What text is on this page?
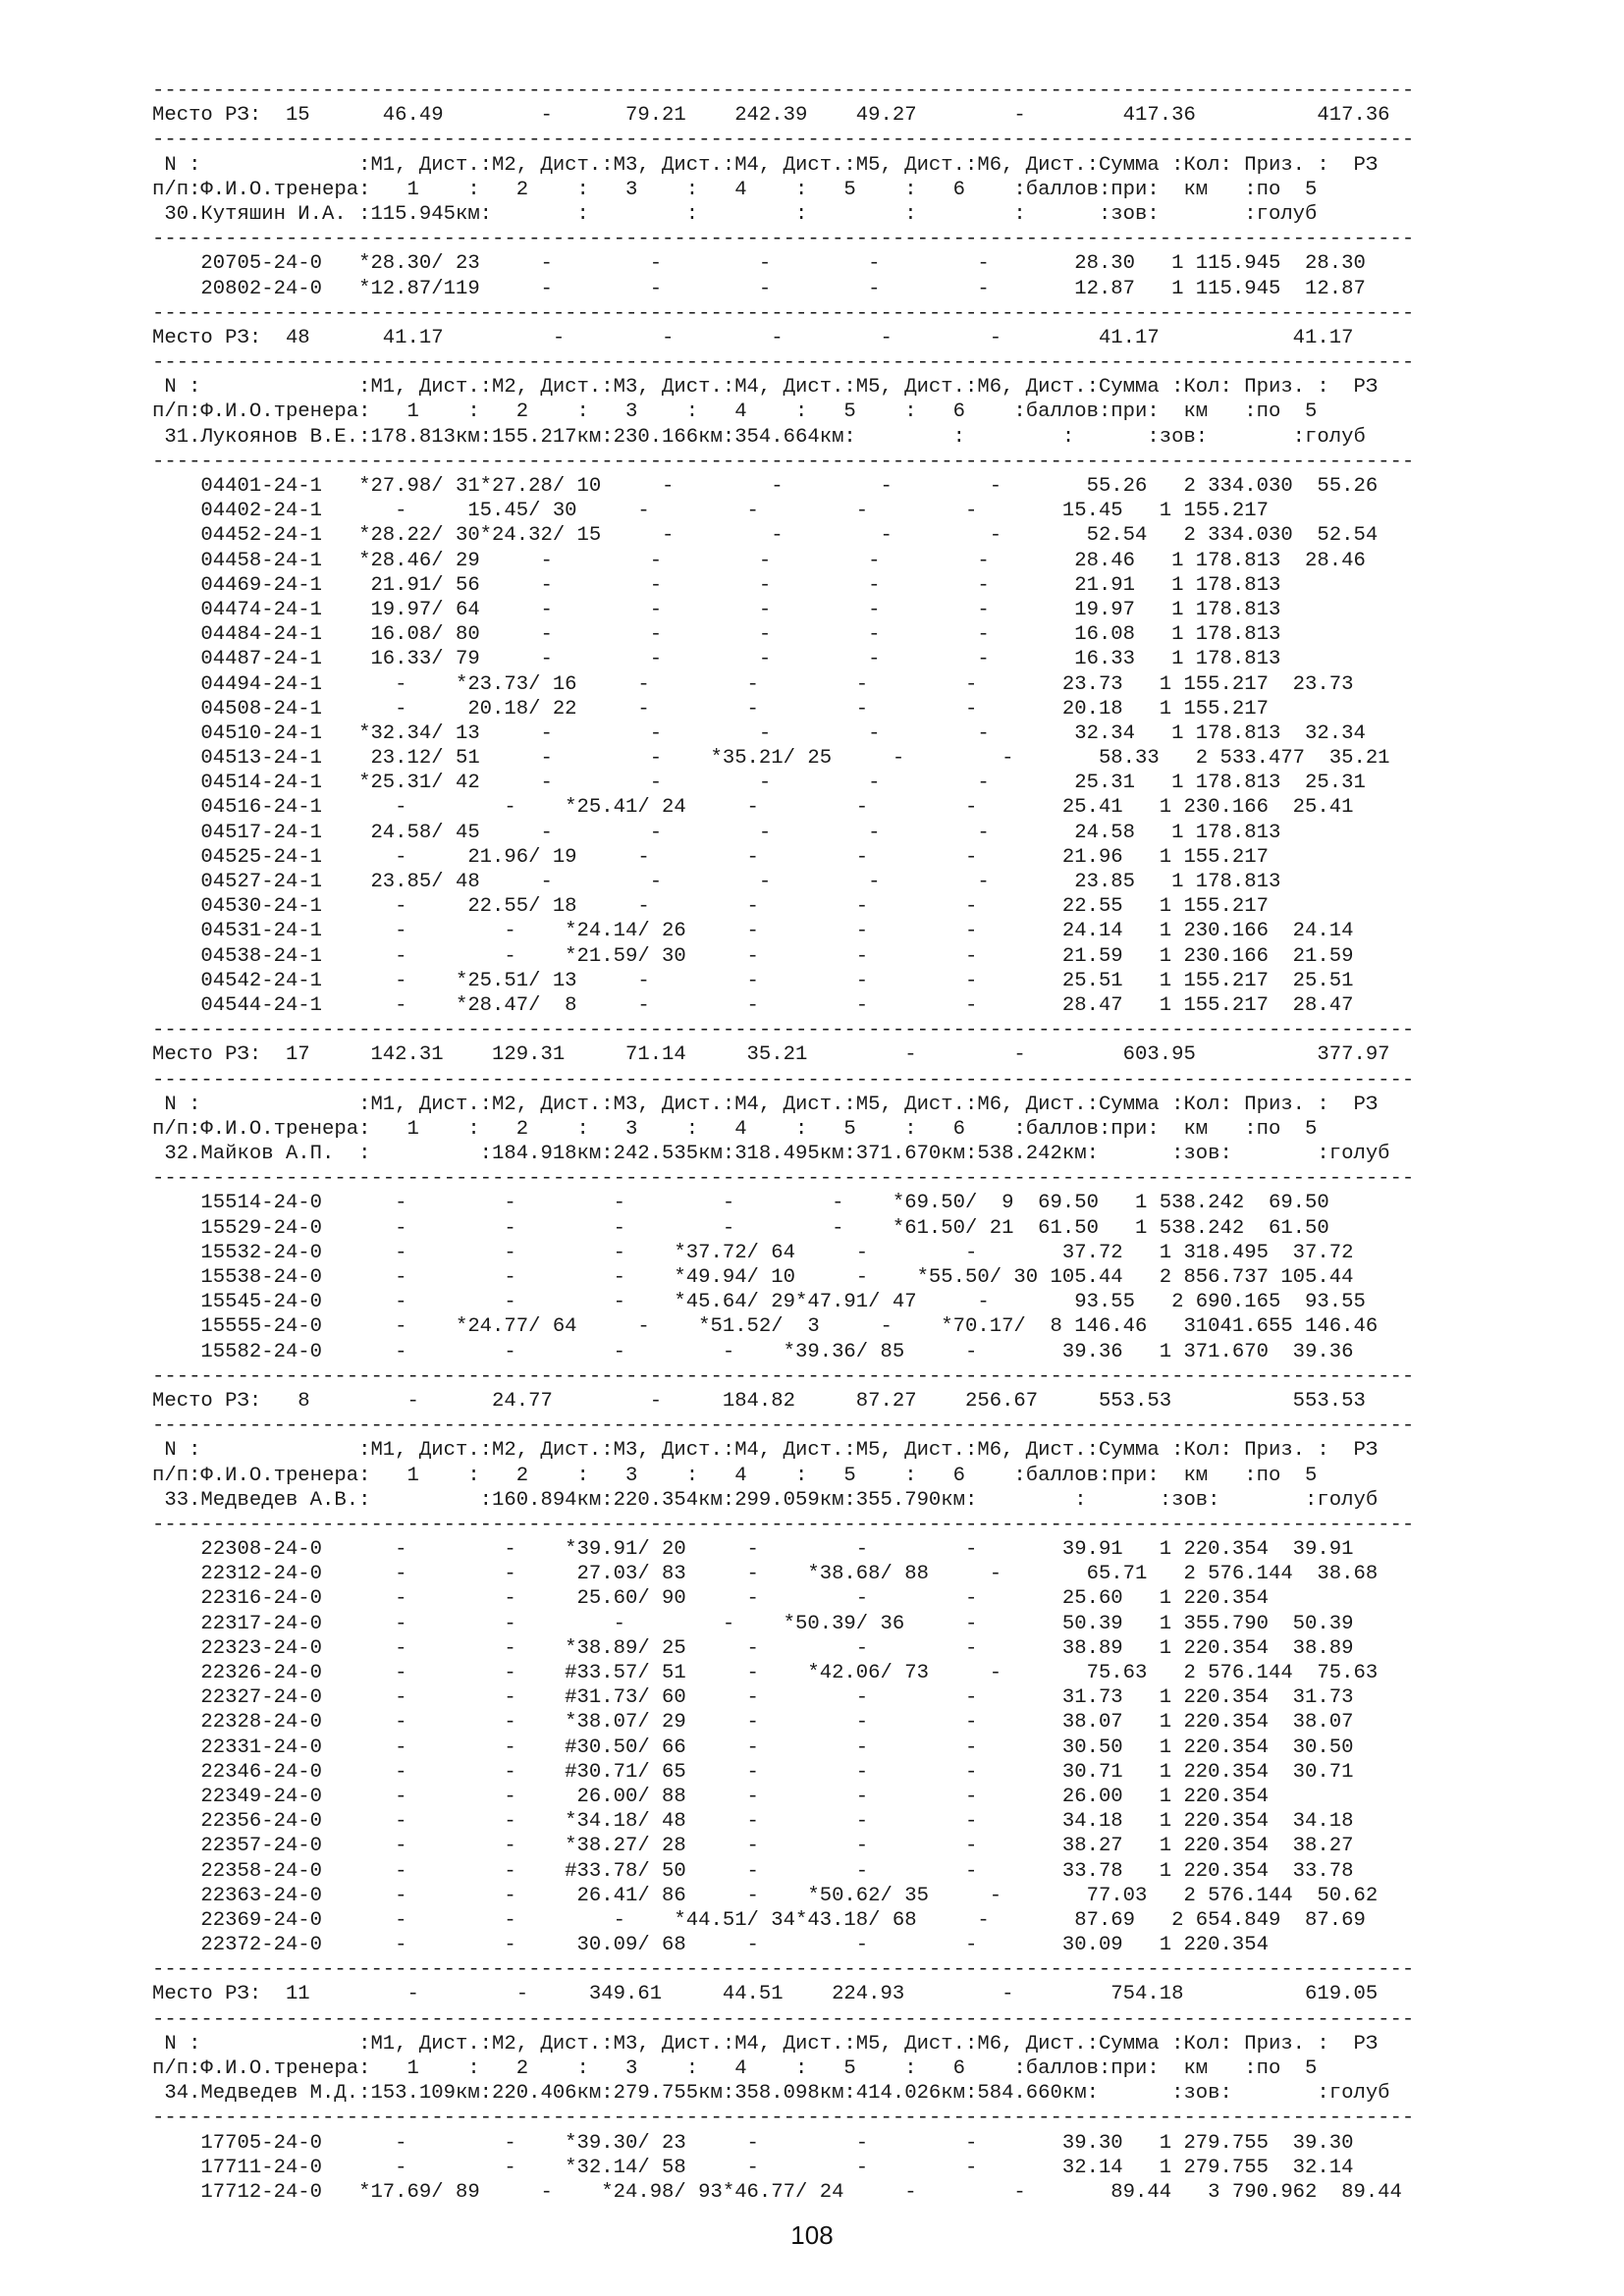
--------------------------------------------------------------------------------------------------------
Место РЗ:  15      46.49        -      79.21    242.39    49.27        -        417.36          417.36
--------------------------------------------------------------------------------------------------------
N :             :М1, Дист.:М2, Дист.:М3, Дист.:М4, Дист.:М5, Дист.:М6, Дист.:Сумма :Кол: Приз. :  РЗ
п/п:Ф.И.О.тренера:   1    :   2    :   3    :   4    :   5    :   6    :баллов:при:  км   :по  5
30.Кутяшин И.А. :115.945км:       :        :        :        :        :      :зов:       :голуб
--------------------------------------------------------------------------------------------------------
20705-24-0   *28.30/ 23     -        -        -        -        -       28.30   1 115.945  28.30
20802-24-0   *12.87/119     -        -        -        -        -       12.87   1 115.945  12.87
--------------------------------------------------------------------------------------------------------
Место РЗ:  48      41.17         -        -        -        -        -        41.17           41.17
--------------------------------------------------------------------------------------------------------
N :             :М1, Дист.:М2, Дист.:М3, Дист.:М4, Дист.:М5, Дист.:М6, Дист.:Сумма :Кол: Приз. :  РЗ
п/п:Ф.И.О.тренера:   1    :   2    :   3    :   4    :   5    :   6    :баллов:при:  км   :по  5
31.Лукоянов В.Е.:178.813км:155.217км:230.166км:354.664км:        :        :      :зов:       :голуб
--------------------------------------------------------------------------------------------------------
04401-24-1   *27.98/ 31*27.28/ 10     -        -        -        -       55.26   2 334.030  55.26
04402-24-1      -     15.45/ 30     -        -        -        -       15.45   1 155.217
04452-24-1   *28.22/ 30*24.32/ 15     -        -        -        -       52.54   2 334.030  52.54
04458-24-1   *28.46/ 29     -        -        -        -        -       28.46   1 178.813  28.46
04469-24-1    21.91/ 56     -        -        -        -        -       21.91   1 178.813
04474-24-1    19.97/ 64     -        -        -        -        -       19.97   1 178.813
04484-24-1    16.08/ 80     -        -        -        -        -       16.08   1 178.813
04487-24-1    16.33/ 79     -        -        -        -        -       16.33   1 178.813
04494-24-1      -    *23.73/ 16     -        -        -        -       23.73   1 155.217  23.73
04508-24-1      -     20.18/ 22     -        -        -        -       20.18   1 155.217
04510-24-1   *32.34/ 13     -        -        -        -        -       32.34   1 178.813  32.34
04513-24-1    23.12/ 51     -        -    *35.21/ 25     -        -       58.33   2 533.477  35.21
04514-24-1   *25.31/ 42     -        -        -        -        -       25.31   1 178.813  25.31
04516-24-1      -        -    *25.41/ 24     -        -        -       25.41   1 230.166  25.41
04517-24-1    24.58/ 45     -        -        -        -        -       24.58   1 178.813
04525-24-1      -     21.96/ 19     -        -        -        -       21.96   1 155.217
04527-24-1    23.85/ 48     -        -        -        -        -       23.85   1 178.813
04530-24-1      -     22.55/ 18     -        -        -        -       22.55   1 155.217
04531-24-1      -        -    *24.14/ 26     -        -        -       24.14   1 230.166  24.14
04538-24-1      -        -    *21.59/ 30     -        -        -       21.59   1 230.166  21.59
04542-24-1      -    *25.51/ 13     -        -        -        -       25.51   1 155.217  25.51
04544-24-1      -    *28.47/  8     -        -        -        -       28.47   1 155.217  28.47
--------------------------------------------------------------------------------------------------------
Место РЗ:  17     142.31    129.31     71.14     35.21        -        -        603.95          377.97
--------------------------------------------------------------------------------------------------------
N :             :М1, Дист.:М2, Дист.:М3, Дист.:М4, Дист.:М5, Дист.:М6, Дист.:Сумма :Кол: Приз. :  РЗ
п/п:Ф.И.О.тренера:   1    :   2    :   3    :   4    :   5    :   6    :баллов:при:  км   :по  5
32.Майков А.П.  :         :184.918км:242.535км:318.495км:371.670км:538.242км:      :зов:       :голуб
--------------------------------------------------------------------------------------------------------
15514-24-0      -        -        -        -        -    *69.50/  9  69.50   1 538.242  69.50
15529-24-0      -        -        -        -        -    *61.50/ 21  61.50   1 538.242  61.50
15532-24-0      -        -        -    *37.72/ 64     -        -       37.72   1 318.495  37.72
15538-24-0      -        -        -    *49.94/ 10     -    *55.50/ 30 105.44   2 856.737 105.44
15545-24-0      -        -        -    *45.64/ 29*47.91/ 47     -       93.55   2 690.165  93.55
15555-24-0      -    *24.77/ 64     -    *51.52/  3     -    *70.17/  8 146.46   31041.655 146.46
15582-24-0      -        -        -        -    *39.36/ 85     -       39.36   1 371.670  39.36
--------------------------------------------------------------------------------------------------------
Место РЗ:   8        -      24.77        -     184.82     87.27    256.67     553.53          553.53
--------------------------------------------------------------------------------------------------------
N :             :М1, Дист.:М2, Дист.:М3, Дист.:М4, Дист.:М5, Дист.:М6, Дист.:Сумма :Кол: Приз. :  РЗ
п/п:Ф.И.О.тренера:   1    :   2    :   3    :   4    :   5    :   6    :баллов:при:  км   :по  5
33.Медведев А.В.:         :160.894км:220.354км:299.059км:355.790км:        :      :зов:       :голуб
--------------------------------------------------------------------------------------------------------
22308-24-0      -        -    *39.91/ 20     -        -        -       39.91   1 220.354  39.91
22312-24-0      -        -     27.03/ 83     -    *38.68/ 88     -       65.71   2 576.144  38.68
22316-24-0      -        -     25.60/ 90     -        -        -       25.60   1 220.354
22317-24-0      -        -        -        -    *50.39/ 36     -       50.39   1 355.790  50.39
22323-24-0      -        -    *38.89/ 25     -        -        -       38.89   1 220.354  38.89
22326-24-0      -        -    #33.57/ 51     -    *42.06/ 73     -       75.63   2 576.144  75.63
22327-24-0      -        -    #31.73/ 60     -        -        -       31.73   1 220.354  31.73
22328-24-0      -        -    *38.07/ 29     -        -        -       38.07   1 220.354  38.07
22331-24-0      -        -    #30.50/ 66     -        -        -       30.50   1 220.354  30.50
22346-24-0      -        -    #30.71/ 65     -        -        -       30.71   1 220.354  30.71
22349-24-0      -        -     26.00/ 88     -        -        -       26.00   1 220.354
22356-24-0      -        -    *34.18/ 48     -        -        -       34.18   1 220.354  34.18
22357-24-0      -        -    *38.27/ 28     -        -        -       38.27   1 220.354  38.27
22358-24-0      -        -    #33.78/ 50     -        -        -       33.78   1 220.354  33.78
22363-24-0      -        -     26.41/ 86     -    *50.62/ 35     -       77.03   2 576.144  50.62
22369-24-0      -        -        -    *44.51/ 34*43.18/ 68     -       87.69   2 654.849  87.69
22372-24-0      -        -     30.09/ 68     -        -        -       30.09   1 220.354
--------------------------------------------------------------------------------------------------------
Место РЗ:  11        -        -     349.61     44.51    224.93        -        754.18          619.05
--------------------------------------------------------------------------------------------------------
N :             :М1, Дист.:М2, Дист.:М3, Дист.:М4, Дист.:М5, Дист.:М6, Дист.:Сумма :Кол: Приз. :  РЗ
п/п:Ф.И.О.тренера:   1    :   2    :   3    :   4    :   5    :   6    :баллов:при:  км   :по  5
34.Медведев М.Д.:153.109км:220.406км:279.755км:358.098км:414.026км:584.660км:      :зов:       :голуб
--------------------------------------------------------------------------------------------------------
17705-24-0      -        -    *39.30/ 23     -        -        -       39.30   1 279.755  39.30
17711-24-0      -        -    *32.14/ 58     -        -        -       32.14   1 279.755  32.14
17712-24-0   *17.69/ 89     -    *24.98/ 93*46.77/ 24     -        -       89.44   3 790.962  89.44
108
